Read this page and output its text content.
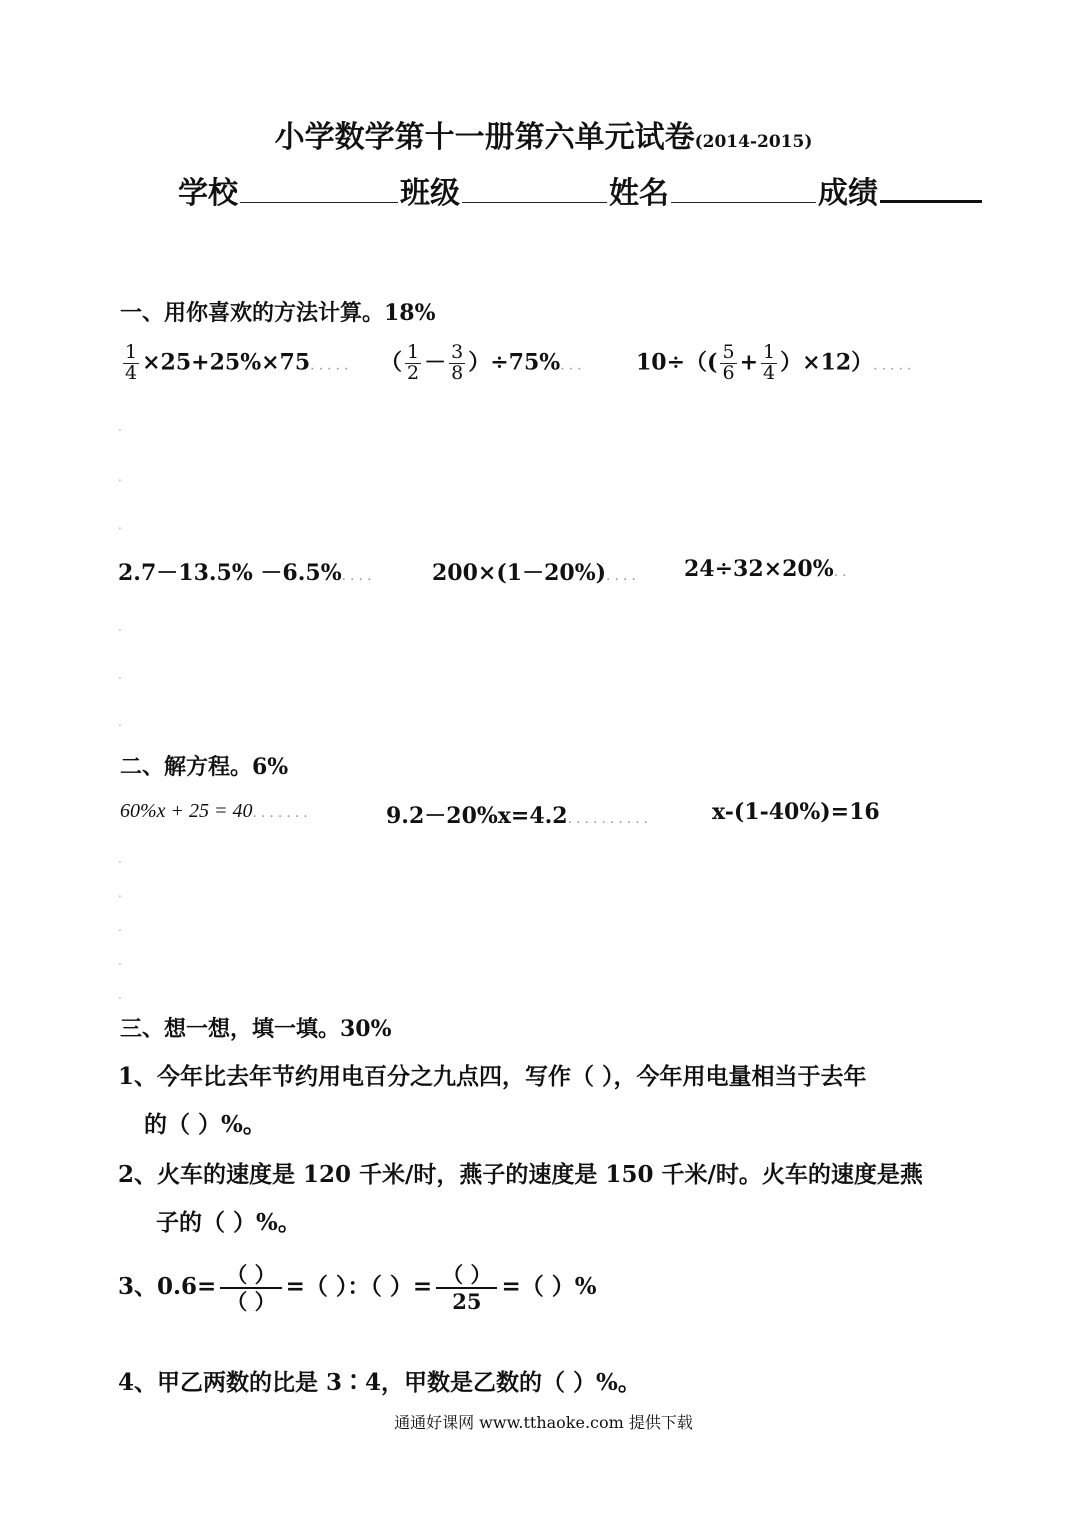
小学数学第十一册第六单元试卷(2014-2015)
学校	班级	姓名	成绩
一、用你喜欢的方法计算。18%
$\frac{1}{4} \times 25+25\%\times 75$..... （ $\frac{1}{2} - \frac{3}{8} )\div 75\%$... $10\div(( \frac{5}{6} + \frac{1}{4} )\times 12)$.....
.
.
.
2.7－13.5% －6.5%....	200×(1－20%).... 24÷32×20%..
.
.
.
二、解方程。6%
60%x + 25 = 40.......	9.2－20%x=4.2..........	x-(1-40%)=16
.
.
.
.
.
三、想一想，填一填。30%
1、今年比去年节约用电百分之九点四，写作（ ），今年用电量相当于去年
的（ ）%。
2、火车的速度是 120 千米/时，燕子的速度是 150 千米/时。火车的速度是燕
子的（ ）%。
3、$0.6= \frac{( )}{( )}$ =（ ）：（ ）= $\frac{( )}{25}$ =（ ）%
4、甲乙两数的比是 3∶4，甲数是乙数的（ ）%。
通通好课网 www.tthaoke.com 提供下载
